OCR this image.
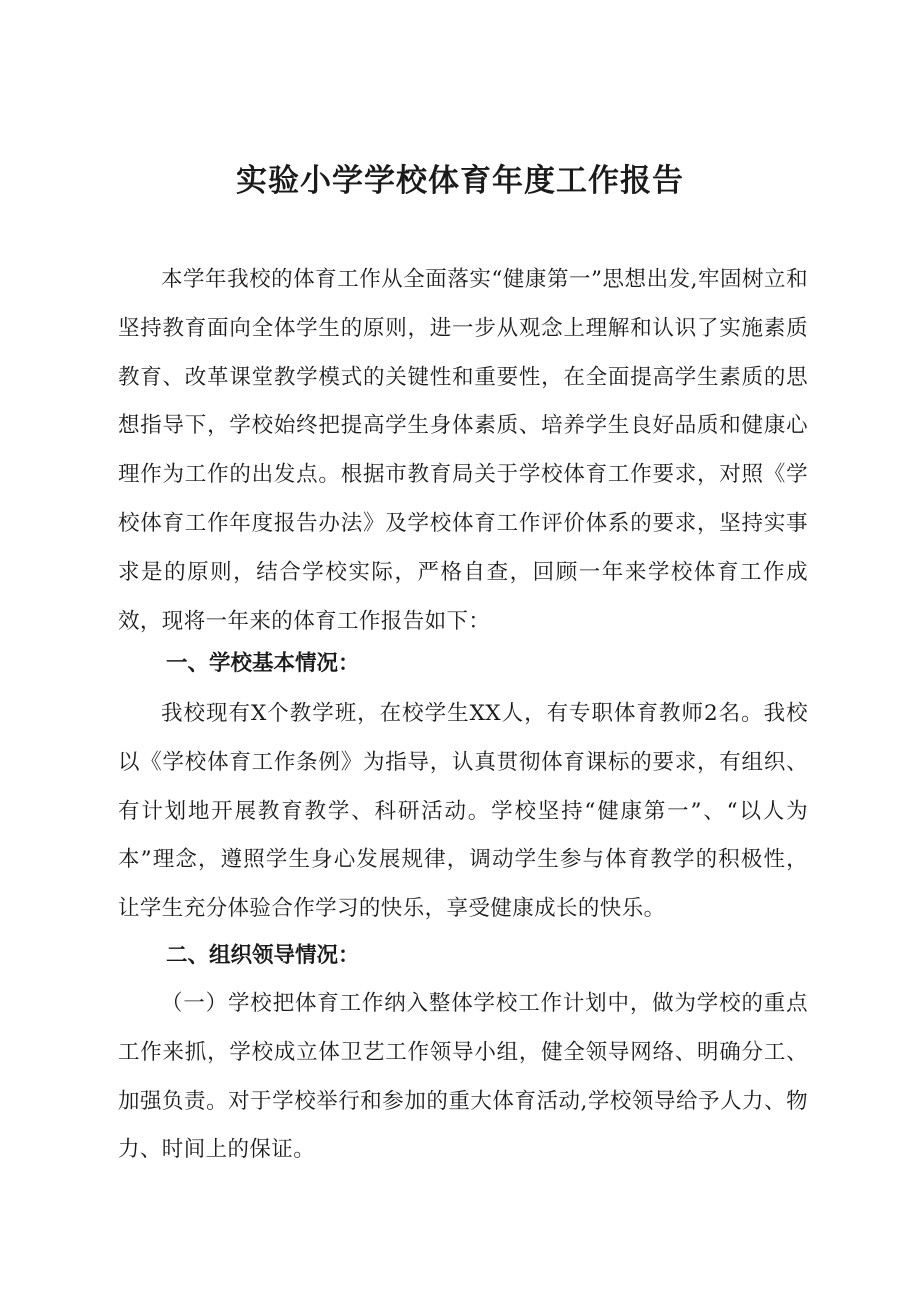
实验小学学校体育年度工作报告

本学年我校的体育工作从全面落实“健康第一”思想出发,牢固树立和坚持教育面向全体学生的原则，进一步从观念上理解和认识了实施素质教育、改革课堂教学模式的关键性和重要性，在全面提高学生素质的思想指导下，学校始终把提高学生身体素质、培养学生良好品质和健康心理作为工作的出发点。根据市教育局关于学校体育工作要求，对照《学校体育工作年度报告办法》及学校体育工作评价体系的要求，坚持实事求是的原则，结合学校实际，严格自查，回顾一年来学校体育工作成效，现将一年来的体育工作报告如下：

一、学校基本情况：

我校现有X个教学班，在校学生XX人，有专职体育教师2名。我校以《学校体育工作条例》为指导，认真贯彻体育课标的要求，有组织、有计划地开展教育教学、科研活动。学校坚持“健康第一”、“以人为本”理念，遵照学生身心发展规律，调动学生参与体育教学的积极性，让学生充分体验合作学习的快乐，享受健康成长的快乐。

二、组织领导情况：

（一）学校把体育工作纳入整体学校工作计划中，做为学校的重点工作来抓，学校成立体卫艺工作领导小组，健全领导网络、明确分工、加强负责。对于学校举行和参加的重大体育活动,学校领导给予人力、物力、时间上的保证。
